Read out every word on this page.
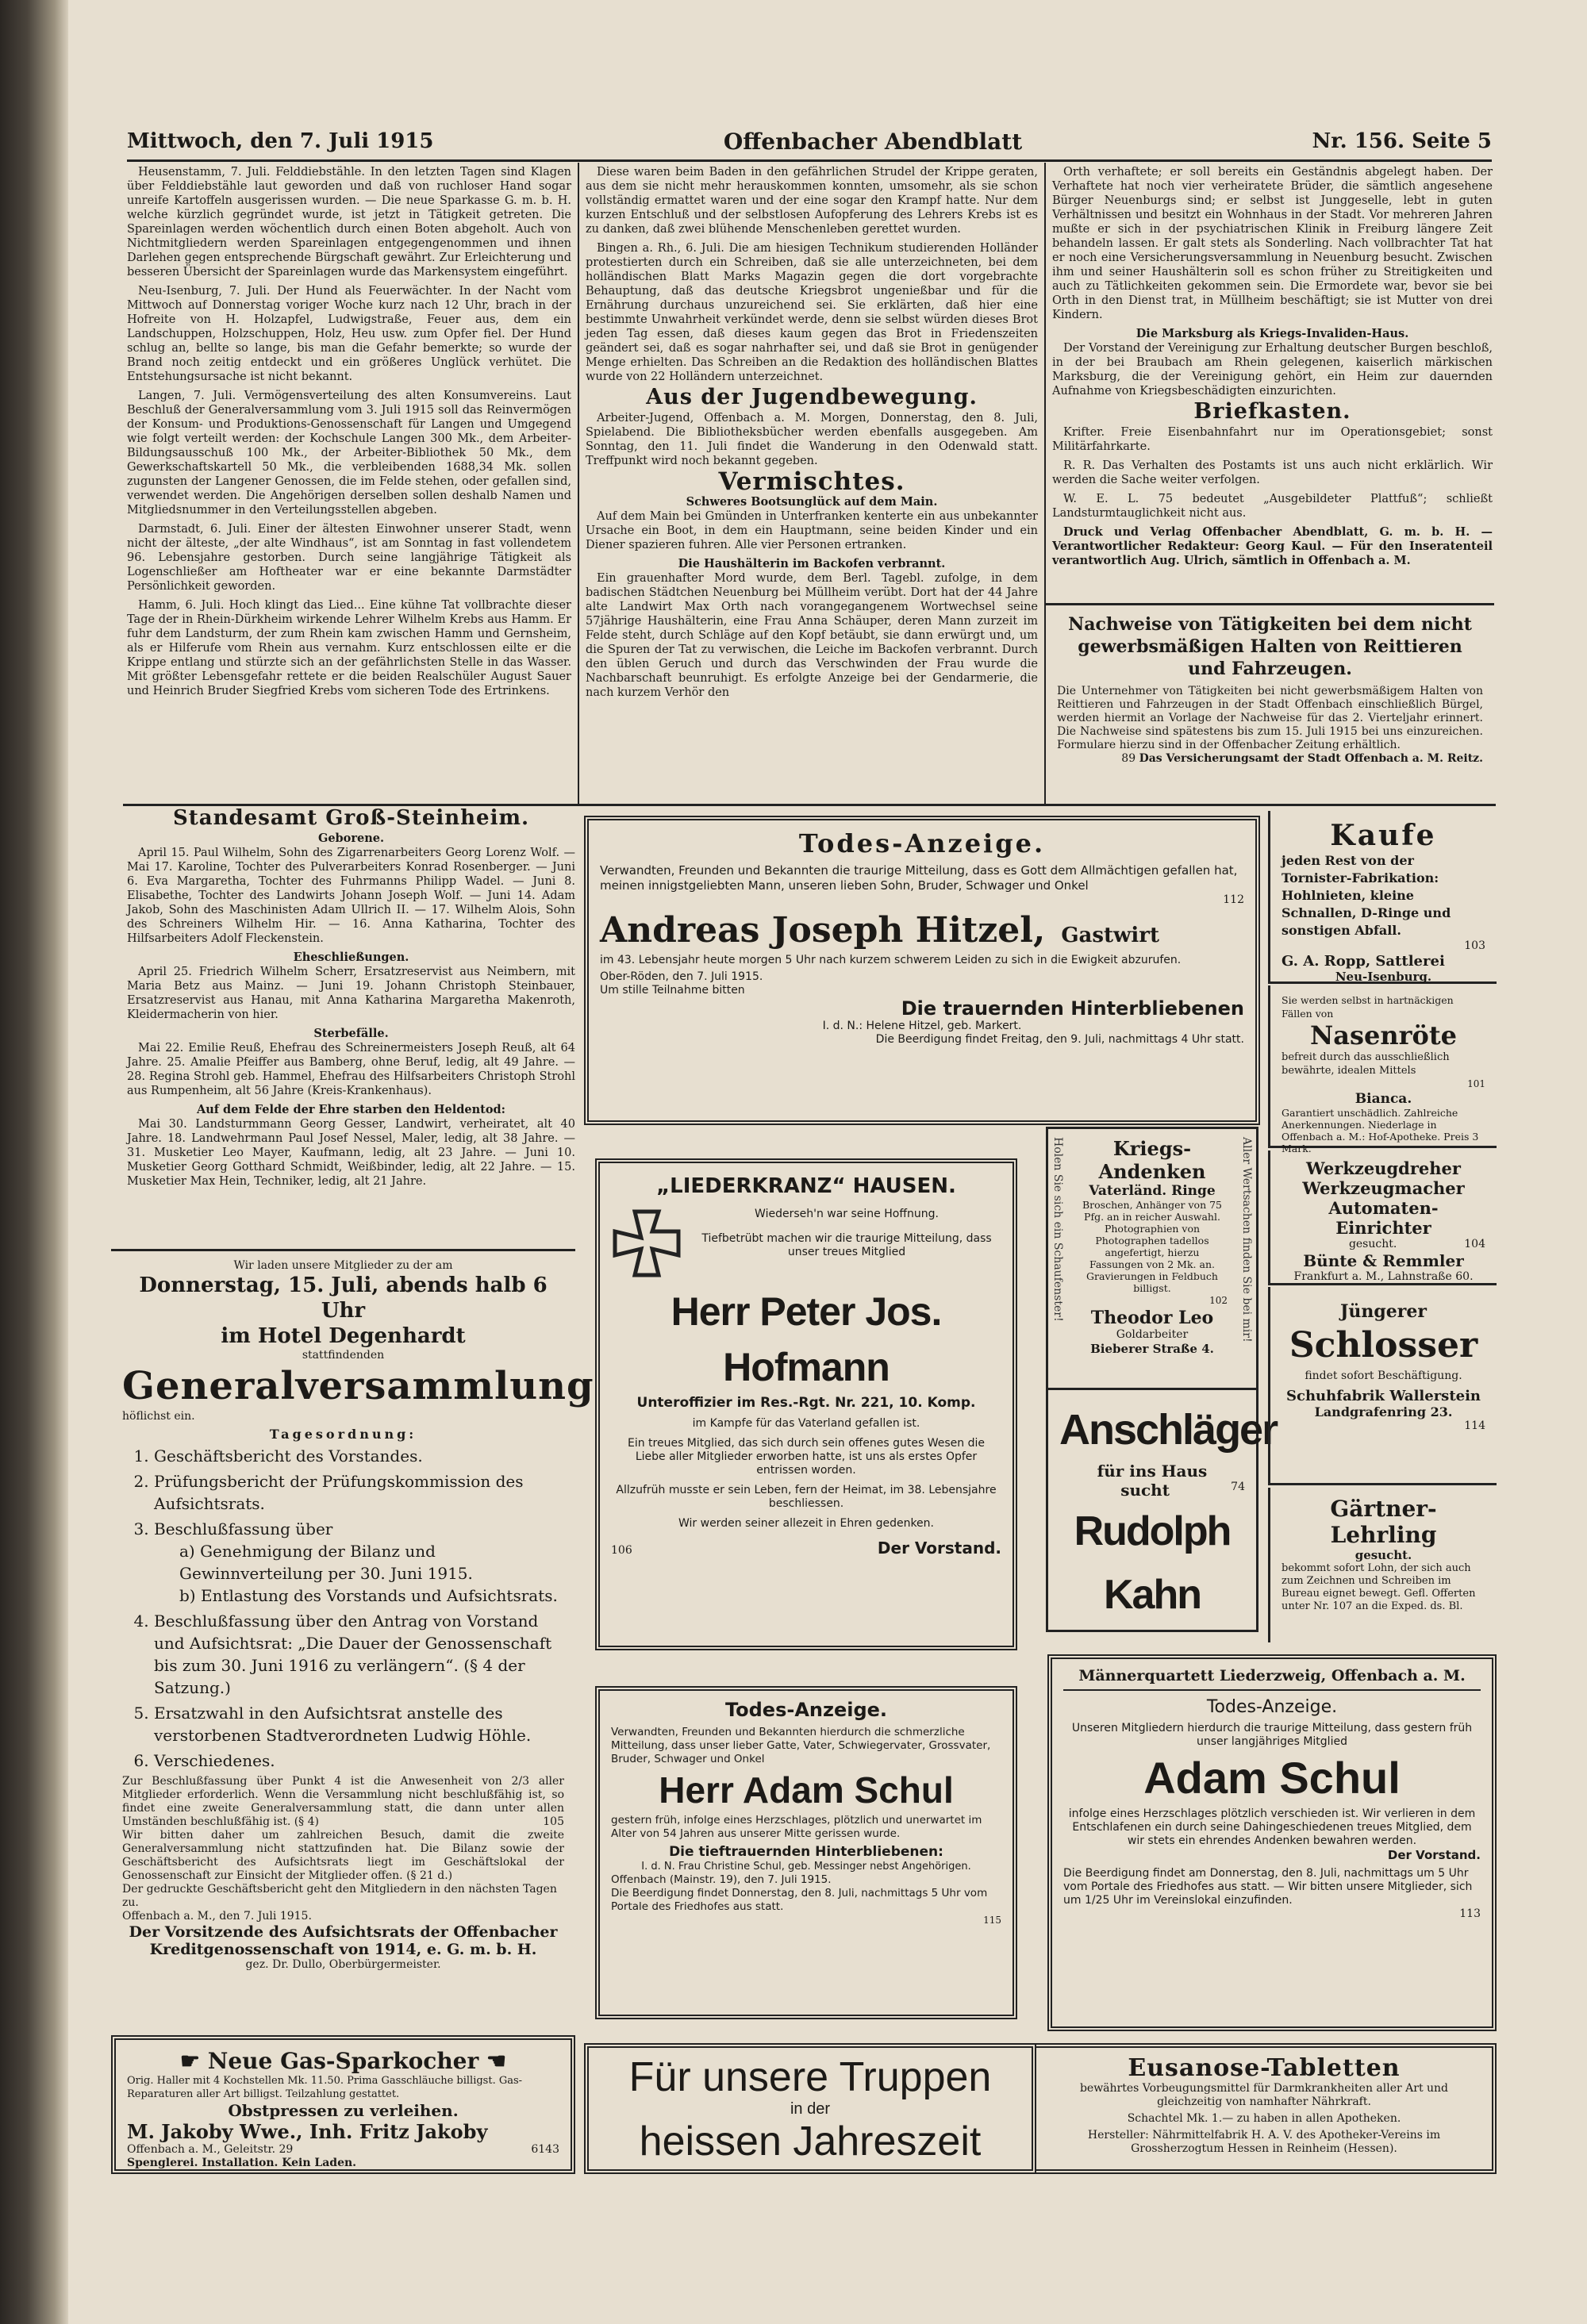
Mittwoch, den 7. Juli 1915	Offenbacher Abendblatt	Nr. 156. Seite 5

Heusenstamm, 7. Juli. Felddiebstähle. In den letzten Tagen sind Klagen über Felddiebstähle laut geworden und daß von ruchloser Hand sogar unreife Kartoffeln ausgerissen wurden. — Die neue Sparkasse G. m. b. H. welche kürzlich gegründet wurde, ist jetzt in Tätigkeit getreten. Die Spareinlagen werden wöchentlich durch einen Boten abgeholt. Auch von Nichtmitgliedern werden Spareinlagen entgegengenommen und ihnen Darlehen gegen entsprechende Bürgschaft gewährt. Zur Erleichterung und besseren Übersicht der Spareinlagen wurde das Markensystem eingeführt.

Neu-Isenburg, 7. Juli. Der Hund als Feuerwächter. In der Nacht vom Mittwoch auf Donnerstag voriger Woche kurz nach 12 Uhr, brach in der Hofreite von H. Holzapfel, Ludwigstraße, Feuer aus, dem ein Landschuppen, Holzschuppen, Holz, Heu usw. zum Opfer fiel. Der Hund schlug an, bellte so lange, bis man die Gefahr bemerkte; so wurde der Brand noch zeitig entdeckt und ein größeres Unglück verhütet. Die Entstehungsursache ist nicht bekannt.

Langen, 7. Juli. Vermögensverteilung des alten Konsumvereins. Laut Beschluß der Generalversammlung vom 3. Juli 1915 soll das Reinvermögen der Konsum- und Produktions-Genossenschaft für Langen und Umgegend wie folgt verteilt werden: der Kochschule Langen 300 Mk., dem Arbeiter-Bildungsausschuß 100 Mk., der Arbeiter-Bibliothek 50 Mk., dem Gewerkschaftskartell 50 Mk., die verbleibenden 1688,34 Mk. sollen zugunsten der Langener Genossen, die im Felde stehen, oder gefallen sind, verwendet werden. Die Angehörigen derselben sollen deshalb Namen und Mitgliedsnummer in den Verteilungsstellen abgeben.

Darmstadt, 6. Juli. Einer der ältesten Einwohner unserer Stadt, wenn nicht der älteste, „der alte Windhaus“, ist am Sonntag in fast vollendetem 96. Lebensjahre gestorben. Durch seine langjährige Tätigkeit als Logenschließer am Hoftheater war er eine bekannte Darmstädter Persönlichkeit geworden.

Hamm, 6. Juli. Hoch klingt das Lied... Eine kühne Tat vollbrachte dieser Tage der in Rhein-Dürkheim wirkende Lehrer Wilhelm Krebs aus Hamm. Er fuhr dem Landsturm, der zum Rhein kam zwischen Hamm und Gernsheim, als er Hilferufe vom Rhein aus vernahm. Kurz entschlossen eilte er die Krippe entlang und stürzte sich an der gefährlichsten Stelle in das Wasser. Mit größter Lebensgefahr rettete er die beiden Realschüler August Sauer und Heinrich Bruder Siegfried Krebs vom sicheren Tode des Ertrinkens.

Diese waren beim Baden in den gefährlichen Strudel der Krippe geraten, aus dem sie nicht mehr herauskommen konnten, umsomehr, als sie schon vollständig ermattet waren und der eine sogar den Krampf hatte. Nur dem kurzen Entschluß und der selbstlosen Aufopferung des Lehrers Krebs ist es zu danken, daß zwei blühende Menschenleben gerettet wurden.

Bingen a. Rh., 6. Juli. Die am hiesigen Technikum studierenden Holländer protestierten durch ein Schreiben, daß sie alle unterzeichneten, bei dem holländischen Blatt Marks Magazin gegen die dort vorgebrachte Behauptung, daß das deutsche Kriegsbrot ungenießbar und für die Ernährung durchaus unzureichend sei. Sie erklärten, daß hier eine bestimmte Unwahrheit verkündet werde, denn sie selbst würden dieses Brot jeden Tag essen, daß dieses kaum gegen das Brot in Friedenszeiten geändert sei, daß es sogar nahrhafter sei, und daß sie Brot in genügender Menge erhielten. Das Schreiben an die Redaktion des holländischen Blattes wurde von 22 Holländern unterzeichnet.

Aus der Jugendbewegung.

Arbeiter-Jugend, Offenbach a. M. Morgen, Donnerstag, den 8. Juli, Spielabend. Die Bibliotheksbücher werden ebenfalls ausgegeben. Am Sonntag, den 11. Juli findet die Wanderung in den Odenwald statt. Treffpunkt wird noch bekannt gegeben.

Vermischtes.
Schweres Bootsunglück auf dem Main.

Auf dem Main bei Gmünden in Unterfranken kenterte ein aus unbekannter Ursache ein Boot, in dem ein Hauptmann, seine beiden Kinder und ein Diener spazieren fuhren. Alle vier Personen ertranken.

Die Haushälterin im Backofen verbrannt.

Ein grauenhafter Mord wurde, dem Berl. Tagebl. zufolge, in dem badischen Städtchen Neuenburg bei Müllheim verübt. Dort hat der 44 Jahre alte Landwirt Max Orth nach vorangegangenem Wortwechsel seine 57jährige Haushälterin, eine Frau Anna Schäuper, deren Mann zurzeit im Felde steht, durch Schläge auf den Kopf betäubt, sie dann erwürgt und, um die Spuren der Tat zu verwischen, die Leiche im Backofen verbrannt. Durch den üblen Geruch und durch das Verschwinden der Frau wurde die Nachbarschaft beunruhigt. Es erfolgte Anzeige bei der Gendarmerie, die nach kurzem Verhör den

Orth verhaftete; er soll bereits ein Geständnis abgelegt haben. Der Verhaftete hat noch vier verheiratete Brüder, die sämtlich angesehene Bürger Neuenburgs sind; er selbst ist Junggeselle, lebt in guten Verhältnissen und besitzt ein Wohnhaus in der Stadt. Vor mehreren Jahren mußte er sich in der psychiatrischen Klinik in Freiburg längere Zeit behandeln lassen. Er galt stets als Sonderling. Nach vollbrachter Tat hat er noch eine Versicherungsversammlung in Neuenburg besucht. Zwischen ihm und seiner Haushälterin soll es schon früher zu Streitigkeiten und auch zu Tätlichkeiten gekommen sein. Die Ermordete war, bevor sie bei Orth in den Dienst trat, in Müllheim beschäftigt; sie ist Mutter von drei Kindern.

Die Marksburg als Kriegs-Invaliden-Haus.

Der Vorstand der Vereinigung zur Erhaltung deutscher Burgen beschloß, in der bei Braubach am Rhein gelegenen, kaiserlich märkischen Marksburg, die der Vereinigung gehört, ein Heim zur dauernden Aufnahme von Kriegsbeschädigten einzurichten.

Briefkasten.

Krifter. Freie Eisenbahnfahrt nur im Operationsgebiet; sonst Militärfahrkarte.

R. R. Das Verhalten des Postamts ist uns auch nicht erklärlich. Wir werden die Sache weiter verfolgen.

W. E. L. 75 bedeutet „Ausgebildeter Plattfuß“; schließt Landsturmtauglichkeit nicht aus.

Druck und Verlag Offenbacher Abendblatt, G. m. b. H. — Verantwortlicher Redakteur: Georg Kaul. — Für den Inseratenteil verantwortlich Aug. Ulrich, sämtlich in Offenbach a. M.

Nachweise von Tätigkeiten bei dem nicht gewerbsmäßigen Halten von Reittieren und Fahrzeugen.
Die Unternehmer von Tätigkeiten bei nicht gewerbsmäßigem Halten von Reittieren und Fahrzeugen in der Stadt Offenbach einschließlich Bürgel, werden hiermit an Vorlage der Nachweise für das 2. Vierteljahr erinnert. Die Nachweise sind spätestens bis zum 15. Juli 1915 bei uns einzureichen. Formulare hierzu sind in der Offenbacher Zeitung erhältlich.
89 Das Versicherungsamt der Stadt Offenbach a. M. Reitz.
Standesamt Groß-Steinheim.
Geborene.

April 15. Paul Wilhelm, Sohn des Zigarrenarbeiters Georg Lorenz Wolf. — Mai 17. Karoline, Tochter des Pulverarbeiters Konrad Rosenberger. — Juni 6. Eva Margaretha, Tochter des Fuhrmanns Philipp Wadel. — Juni 8. Elisabethe, Tochter des Landwirts Johann Joseph Wolf. — Juni 14. Adam Jakob, Sohn des Maschinisten Adam Ullrich II. — 17. Wilhelm Alois, Sohn des Schreiners Wilhelm Hir. — 16. Anna Katharina, Tochter des Hilfsarbeiters Adolf Fleckenstein.

Eheschließungen.

April 25. Friedrich Wilhelm Scherr, Ersatzreservist aus Neimbern, mit Maria Betz aus Mainz. — Juni 19. Johann Christoph Steinbauer, Ersatzreservist aus Hanau, mit Anna Katharina Margaretha Makenroth, Kleidermacherin von hier.

Sterbefälle.

Mai 22. Emilie Reuß, Ehefrau des Schreinermeisters Joseph Reuß, alt 64 Jahre. 25. Amalie Pfeiffer aus Bamberg, ohne Beruf, ledig, alt 49 Jahre. — 28. Regina Strohl geb. Hammel, Ehefrau des Hilfsarbeiters Christoph Strohl aus Rumpenheim, alt 56 Jahre (Kreis-Krankenhaus).

Auf dem Felde der Ehre starben den Heldentod:

Mai 30. Landsturmmann Georg Gesser, Landwirt, verheiratet, alt 40 Jahre. 18. Landwehrmann Paul Josef Nessel, Maler, ledig, alt 38 Jahre. — 31. Musketier Leo Mayer, Kaufmann, ledig, alt 23 Jahre. — Juni 10. Musketier Georg Gotthard Schmidt, Weißbinder, ledig, alt 22 Jahre. — 15. Musketier Max Hein, Techniker, ledig, alt 21 Jahre.

Wir laden unsere Mitglieder zu der am
Donnerstag, 15. Juli, abends halb 6 Uhr
im Hotel Degenhardt
stattfindenden
Generalversammlung
höflichst ein.
Tagesordnung:
1. Geschäftsbericht des Vorstandes.
2. Prüfungsbericht der Prüfungskommission des Aufsichtsrats.
3. Beschlußfassung über
a) Genehmigung der Bilanz und Gewinnverteilung per 30. Juni 1915.
b) Entlastung des Vorstands und Aufsichtsrats.
4. Beschlußfassung über den Antrag von Vorstand und Aufsichtsrat: „Die Dauer der Genossenschaft bis zum 30. Juni 1916 zu verlängern“. (§ 4 der Satzung.)
5. Ersatzwahl in den Aufsichtsrat anstelle des verstorbenen Stadtverordneten Ludwig Höhle.
6. Verschiedenes.
Zur Beschlußfassung über Punkt 4 ist die Anwesenheit von 2/3 aller Mitglieder erforderlich. Wenn die Versammlung nicht beschlußfähig ist, so findet eine zweite Generalversammlung statt, die dann unter allen Umständen beschlußfähig ist. (§ 4)	105
Wir bitten daher um zahlreichen Besuch, damit die zweite Generalversammlung nicht stattzufinden hat. Die Bilanz sowie der Geschäftsbericht des Aufsichtsrats liegt im Geschäftslokal der Genossenschaft zur Einsicht der Mitglieder offen. (§ 21 d.)
Der gedruckte Geschäftsbericht geht den Mitgliedern in den nächsten Tagen zu.
Offenbach a. M., den 7. Juli 1915.
Der Vorsitzende des Aufsichtsrats der Offenbacher
Kreditgenossenschaft von 1914, e. G. m. b. H.
gez. Dr. Dullo, Oberbürgermeister.
☛ Neue Gas-Sparkocher ☚
Orig. Haller mit 4 Kochstellen Mk. 11.50. Prima Gasschläuche billigst. Gas-Reparaturen aller Art billigst. Teilzahlung gestattet.
Obstpressen zu verleihen.
M. Jakoby Wwe., Inh. Fritz Jakoby
Offenbach a. M., Geleitstr. 29	6143
Spenglerei. Installation. Kein Laden.
Todes-Anzeige.
Verwandten, Freunden und Bekannten die traurige Mitteilung, dass es Gott dem Allmächtigen gefallen hat, meinen innigstgeliebten Mann, unseren lieben Sohn, Bruder, Schwager und Onkel
112
Andreas Joseph Hitzel, Gastwirt
im 43. Lebensjahr heute morgen 5 Uhr nach kurzem schwerem Leiden zu sich in die Ewigkeit abzurufen.
Ober-Röden, den 7. Juli 1915.
Um stille Teilnahme bitten
Die trauernden Hinterbliebenen
I. d. N.: Helene Hitzel, geb. Markert.
Die Beerdigung findet Freitag, den 9. Juli, nachmittags 4 Uhr statt.
„LIEDERKRANZ“ HAUSEN.
Wiederseh'n war seine Hoffnung.
Tiefbetrübt machen wir die traurige Mitteilung, dass unser treues Mitglied
Herr Peter Jos. Hofmann
Unteroffizier im Res.-Rgt. Nr. 221, 10. Komp.
im Kampfe für das Vaterland gefallen ist.
Ein treues Mitglied, das sich durch sein offenes gutes Wesen die Liebe aller Mitglieder erworben hatte, ist uns als erstes Opfer entrissen worden.
Allzufrüh musste er sein Leben, fern der Heimat, im 38. Lebensjahre beschliessen.
Wir werden seiner allezeit in Ehren gedenken.
106	Der Vorstand.
Todes-Anzeige.
Verwandten, Freunden und Bekannten hierdurch die schmerzliche Mitteilung, dass unser lieber Gatte, Vater, Schwiegervater, Grossvater, Bruder, Schwager und Onkel
Herr Adam Schul
gestern früh, infolge eines Herzschlages, plötzlich und unerwartet im Alter von 54 Jahren aus unserer Mitte gerissen wurde.
Die tieftrauernden Hinterbliebenen:
I. d. N. Frau Christine Schul, geb. Messinger nebst Angehörigen.
Offenbach (Mainstr. 19), den 7. Juli 1915.
Die Beerdigung findet Donnerstag, den 8. Juli, nachmittags 5 Uhr vom Portale des Friedhofes aus statt.
115
Für unsere Truppen
in der
heissen Jahreszeit
Eusanose-Tabletten
bewährtes Vorbeugungsmittel für Darmkrankheiten aller Art und gleichzeitig von namhafter Nährkraft.
Schachtel Mk. 1.— zu haben in allen Apotheken.
Hersteller: Nährmittelfabrik H. A. V. des Apotheker-Vereins im Grossherzogtum Hessen in Reinheim (Hessen).
Kaufe
jeden Rest von der Tornister-Fabrikation: Hohlnieten, kleine Schnallen, D-Ringe und sonstigen Abfall.
103
G. A. Ropp, Sattlerei
Neu-Isenburg.
Sie werden selbst in hartnäckigen Fällen von
Nasenröte
befreit durch das ausschließlich bewährte, idealen Mittels
101
Bianca.
Garantiert unschädlich. Zahlreiche Anerkennungen. Niederlage in Offenbach a. M.: Hof-Apotheke. Preis 3 Mark.
Holen Sie sich ein Schaufenster!	Aller Wertsachen finden Sie bei mir!
Kriegs-Andenken
Vaterländ. Ringe
Broschen, Anhänger von 75 Pfg. an in reicher Auswahl. Photographien von Photographen tadellos angefertigt, hierzu Fassungen von 2 Mk. an. Gravierungen in Feldbuch billigst.
102
Theodor Leo
Goldarbeiter
Bieberer Straße 4.
Werkzeugdreher
Werkzeugmacher
Automaten-Einrichter
gesucht.	104
Bünte & Remmler
Frankfurt a. M., Lahnstraße 60.
Anschläger
für ins Haus
sucht	74
Rudolph Kahn
Jüngerer
Schlosser
findet sofort Beschäftigung.
Schuhfabrik Wallerstein
Landgrafenring 23.
114
Gärtner-Lehrling
gesucht.
bekommt sofort Lohn, der sich auch zum Zeichnen und Schreiben im Bureau eignet bewegt. Gefl. Offerten unter Nr. 107 an die Exped. ds. Bl.
Männerquartett Liederzweig, Offenbach a. M.
Todes-Anzeige.
Unseren Mitgliedern hierdurch die traurige Mitteilung, dass gestern früh unser langjähriges Mitglied
Adam Schul
infolge eines Herzschlages plötzlich verschieden ist. Wir verlieren in dem Entschlafenen ein durch seine Dahingeschiedenen treues Mitglied, dem wir stets ein ehrendes Andenken bewahren werden.
Der Vorstand.
Die Beerdigung findet am Donnerstag, den 8. Juli, nachmittags um 5 Uhr vom Portale des Friedhofes aus statt. — Wir bitten unsere Mitglieder, sich um 1/25 Uhr im Vereinslokal einzufinden.
113
